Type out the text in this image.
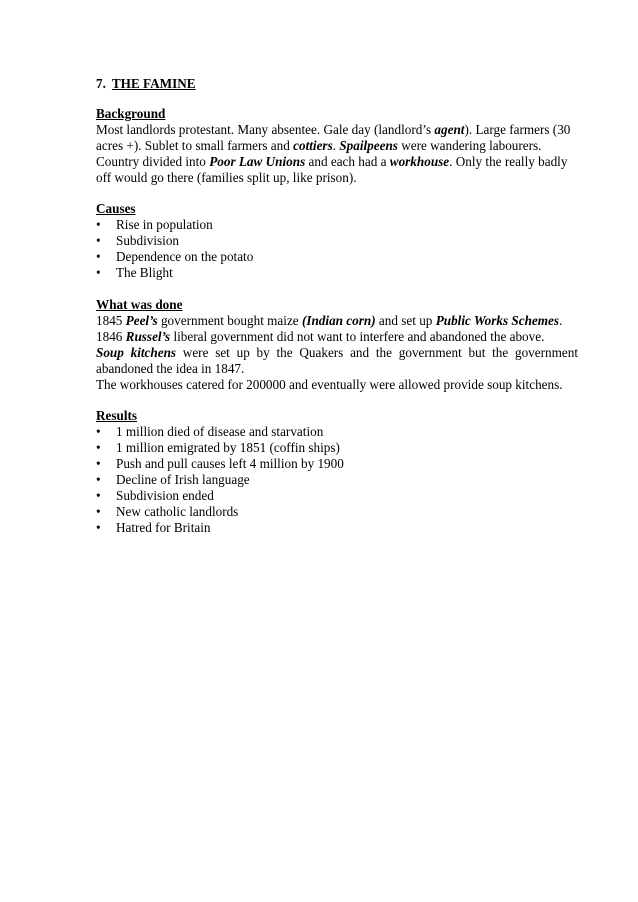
7. THE FAMINE
Background

Most landlords protestant. Many absentee. Gale day (landlord’s agent). Large farmers (30 acres +). Sublet to small farmers and cottiers. Spailpeens were wandering labourers.

Country divided into Poor Law Unions and each had a workhouse. Only the really badly off would go there (families split up, like prison).

Causes
•	Rise in population
•	Subdivision
•	Dependence on the potato
•	The Blight
What was done

1845 Peel’s government bought maize (Indian corn) and set up Public Works Schemes.

1846 Russel’s liberal government did not want to interfere and abandoned the above.

Soup kitchens were set up by the Quakers and the government but the government abandoned the idea in 1847.

The workhouses catered for 200000 and eventually were allowed provide soup kitchens.

Results
•	1 million died of disease and starvation
•	1 million emigrated by 1851 (coffin ships)
•	Push and pull causes left 4 million by 1900
•	Decline of Irish language
•	Subdivision ended
•	New catholic landlords
•	Hatred for Britain
